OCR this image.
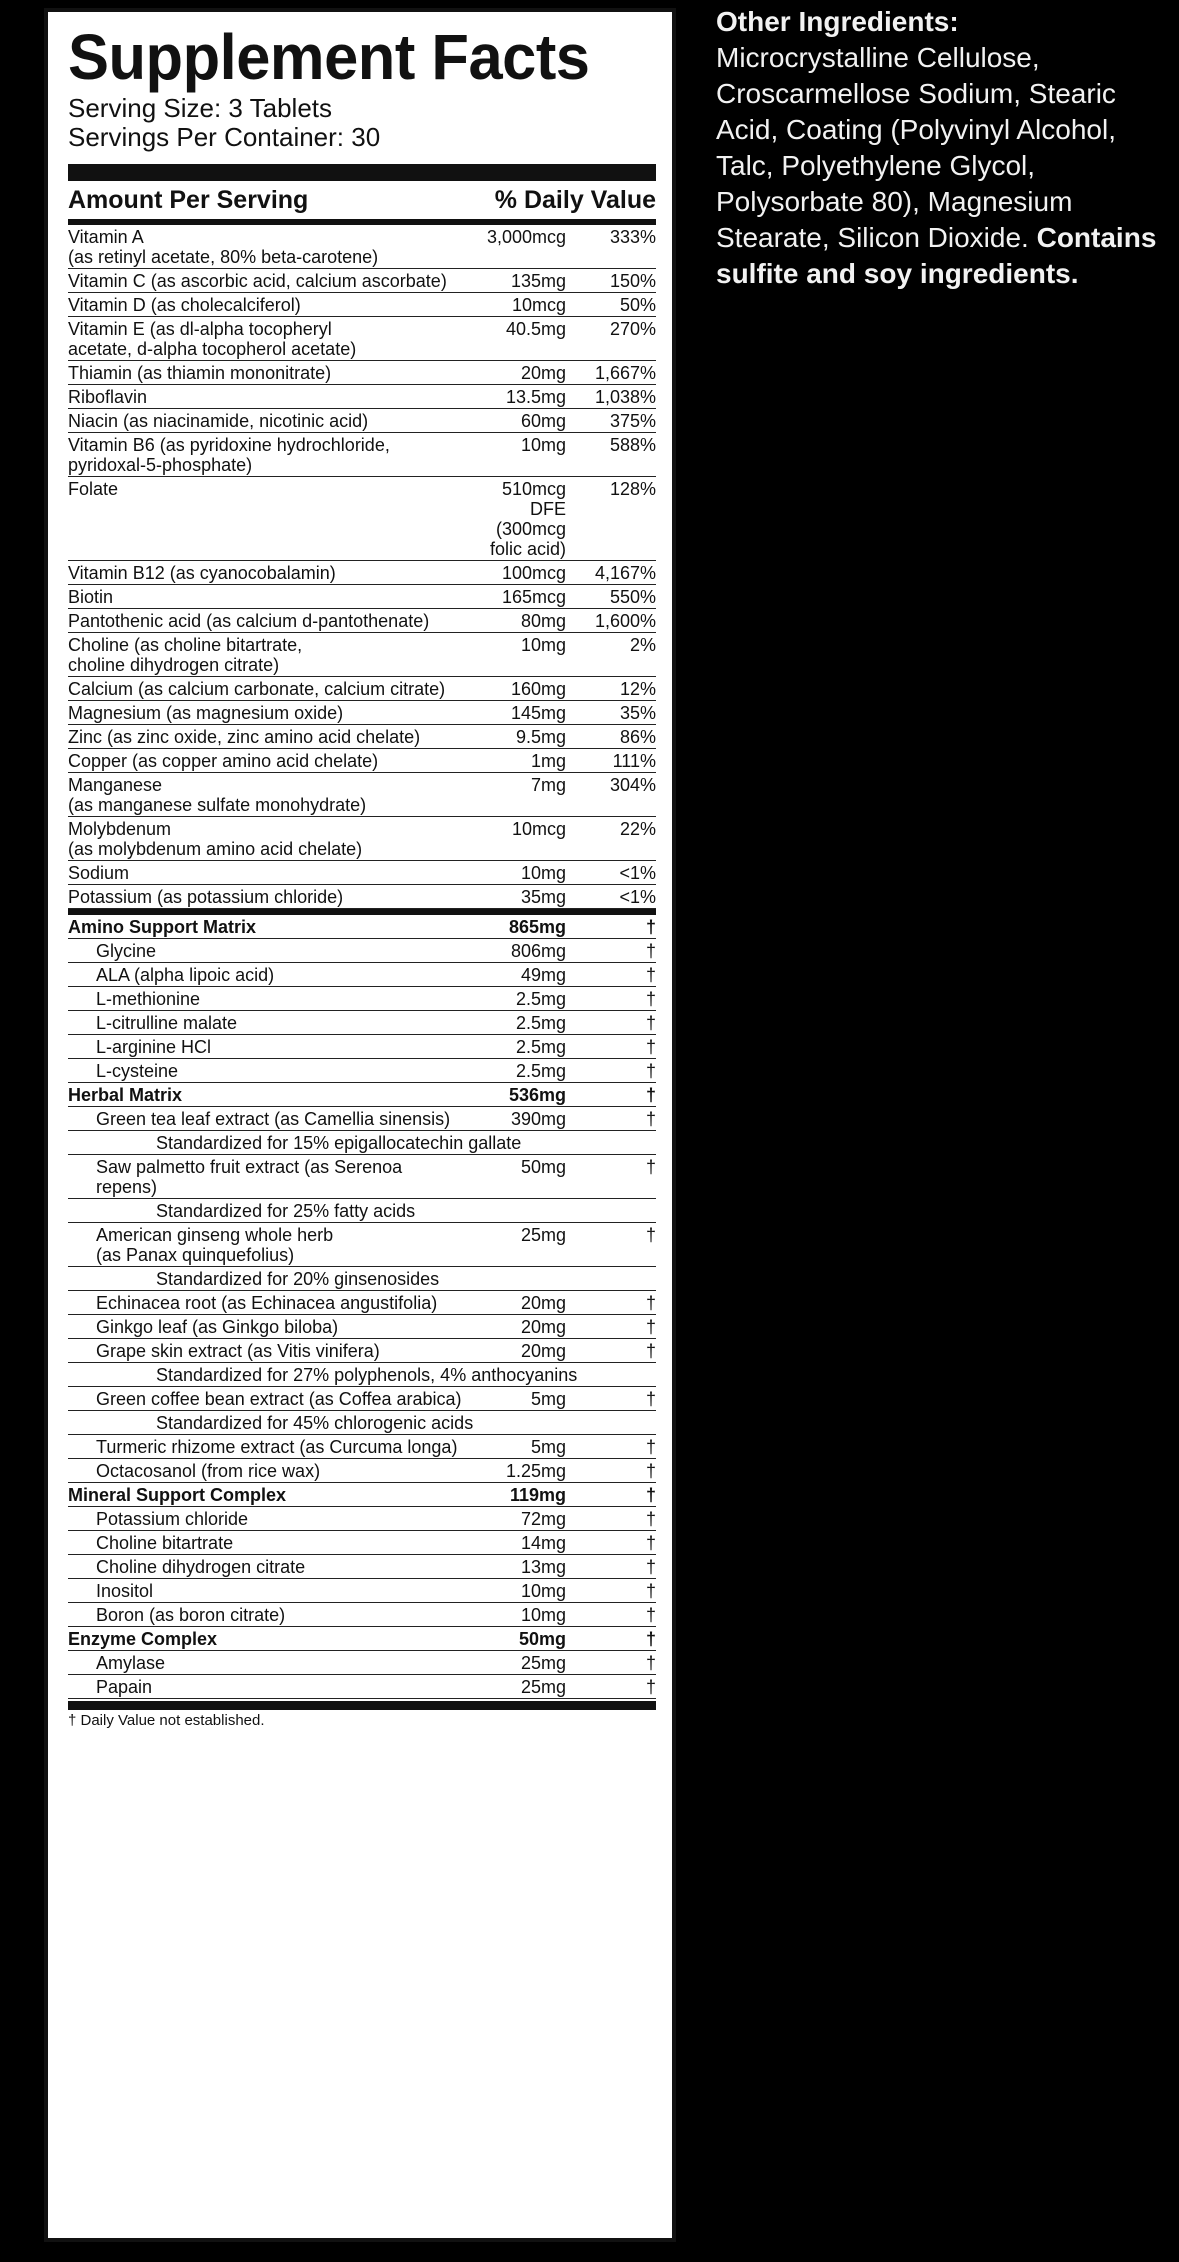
Supplement Facts
Serving Size: 3 Tablets
Servings Per Container: 30
Amount Per Serving	% Daily Value
Vitamin A
(as retinyl acetate, 80% beta-carotene)
3,000mcg	333%
Vitamin C (as ascorbic acid, calcium ascorbate)	135mg	150%
Vitamin D (as cholecalciferol)	10mcg	50%
Vitamin E (as dl-alpha tocopheryl
acetate, d-alpha tocopherol acetate)
40.5mg	270%
Thiamin (as thiamin mononitrate)	20mg	1,667%
Riboflavin	13.5mg	1,038%
Niacin (as niacinamide, nicotinic acid)	60mg	375%
Vitamin B6 (as pyridoxine hydrochloride,
pyridoxal-5-phosphate)
10mg	588%
Folate	510mcg DFE
(300mcg folic acid)
128%
Vitamin B12 (as cyanocobalamin)	100mcg	4,167%
Biotin	165mcg	550%
Pantothenic acid (as calcium d-pantothenate)	80mg	1,600%
Choline (as choline bitartrate,
choline dihydrogen citrate)
10mg	2%
Calcium (as calcium carbonate, calcium citrate)	160mg	12%
Magnesium (as magnesium oxide)	145mg	35%
Zinc (as zinc oxide, zinc amino acid chelate)	9.5mg	86%
Copper (as copper amino acid chelate)	1mg	111%
Manganese
(as manganese sulfate monohydrate)
7mg	304%
Molybdenum
(as molybdenum amino acid chelate)
10mcg	22%
Sodium	10mg	<1%
Potassium (as potassium chloride)	35mg	<1%
Amino Support Matrix	865mg	†
Glycine	806mg	†
ALA (alpha lipoic acid)	49mg	†
L-methionine	2.5mg	†
L-citrulline malate	2.5mg	†
L-arginine HCl	2.5mg	†
L-cysteine	2.5mg	†
Herbal Matrix	536mg	†
Green tea leaf extract (as Camellia sinensis)	390mg	†
Standardized for 15% epigallocatechin gallate
Saw palmetto fruit extract (as Serenoa repens)
50mg	†
Standardized for 25% fatty acids
American ginseng whole herb
(as Panax quinquefolius)
25mg	†
Standardized for 20% ginsenosides
Echinacea root (as Echinacea angustifolia)	20mg	†
Ginkgo leaf (as Ginkgo biloba)	20mg	†
Grape skin extract (as Vitis vinifera)	20mg	†
Standardized for 27% polyphenols, 4% anthocyanins
Green coffee bean extract (as Coffea arabica)	5mg	†
Standardized for 45% chlorogenic acids
Turmeric rhizome extract (as Curcuma longa)	5mg	†
Octacosanol (from rice wax)	1.25mg	†
Mineral Support Complex	119mg	†
Potassium chloride	72mg	†
Choline bitartrate	14mg	†
Choline dihydrogen citrate	13mg	†
Inositol	10mg	†
Boron (as boron citrate)	10mg	†
Enzyme Complex	50mg	†
Amylase	25mg	†
Papain	25mg	†
† Daily Value not established.
Other Ingredients:
Microcrystalline Cellulose, Croscarmellose Sodium, Stearic Acid, Coating (Polyvinyl Alcohol, Talc, Polyethylene Glycol, Polysorbate 80), Magnesium Stearate, Silicon Dioxide. Contains sulfite and soy ingredients.
